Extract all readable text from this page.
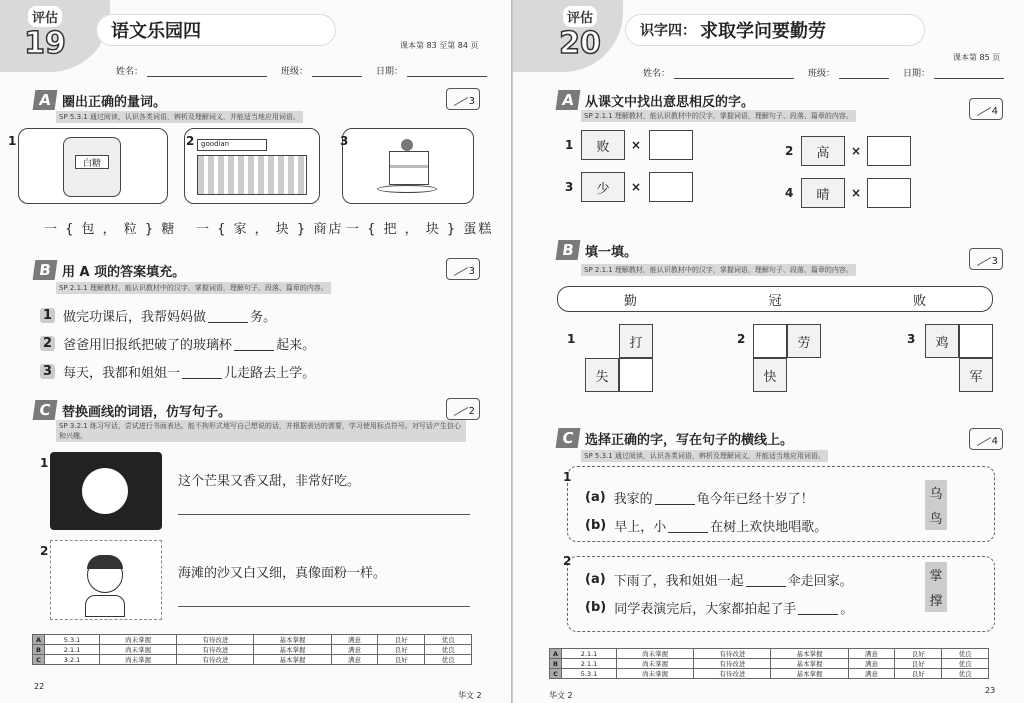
评估
19	语文乐园四
课本第 83 至第 84 页
姓名：	班级：	日期：
A 圈出正确的量词。	3
SP 5.3.1 通过阅读，认识各类词语，辨析及理解词义，并能适当地应用词语。
白糖
1	goodian
2	3
一 { 包 ， 粒 } 糖 一 { 家 ， 块 } 商店 一 { 把 ， 块 } 蛋糕
B 用 A 项的答案填充。	3
SP 2.1.1 理解教材，能认识教材中的汉字，掌握词语，理解句子、段落、篇章的内容。
1 做完功课后，我帮妈妈做	务。
2 爸爸用旧报纸把破了的玻璃杯	起来。
3 每天，我都和姐姐一	儿走路去上学。
C 替换画线的词语，仿写句子。	2
SP 3.2.1 练习写话，尝试进行书面表达。能不拘形式地写自己想说的话，并根据表达的需要，学习使用标点符号。对写话产生信心和兴趣。
1
这个芒果又香又甜，非常好吃。
2
海滩的沙又白又细，真像面粉一样。
A	5.3.1	尚未掌握	有待改进	基本掌握	满意	良好	优良
B	2.1.1	尚未掌握	有待改进	基本掌握	满意	良好	优良
C	3.2.1	尚未掌握	有待改进	基本掌握	满意	良好	优良
22
华文 2
评估
20	识字四： 求取学问要勤劳
课本第 85 页
姓名：	班级：	日期：
A 从课文中找出意思相反的字。
4
SP 2.1.1 理解教材，能认识教材中的汉字，掌握词语，理解句子、段落、篇章的内容。
1	败	×	2	高	×
3	少	×	4	晴	×
B 填一填。
3
SP 2.1.1 理解教材，能认识教材中的汉字，掌握词语，理解句子、段落、篇章的内容。
勤	冠	败
1	打
失
2	劳
快
3	鸡
军
C 选择正确的字，写在句子的横线上。	4
SP 5.3.1 通过阅读，认识各类词语，辨析及理解词义，并能适当地应用词语。
1
(a) 我家的	龟今年已经十岁了！
(b) 早上，小	在树上欢快地唱歌。
乌
鸟
2
(a) 下雨了，我和姐姐一起	伞走回家。
(b) 同学表演完后，大家都拍起了手	。
掌
撑
A	2.1.1	尚未掌握	有待改进	基本掌握	满意	良好	优良
B	2.1.1	尚未掌握	有待改进	基本掌握	满意	良好	优良
C	5.3.1	尚未掌握	有待改进	基本掌握	满意	良好	优良
华文 2
23
